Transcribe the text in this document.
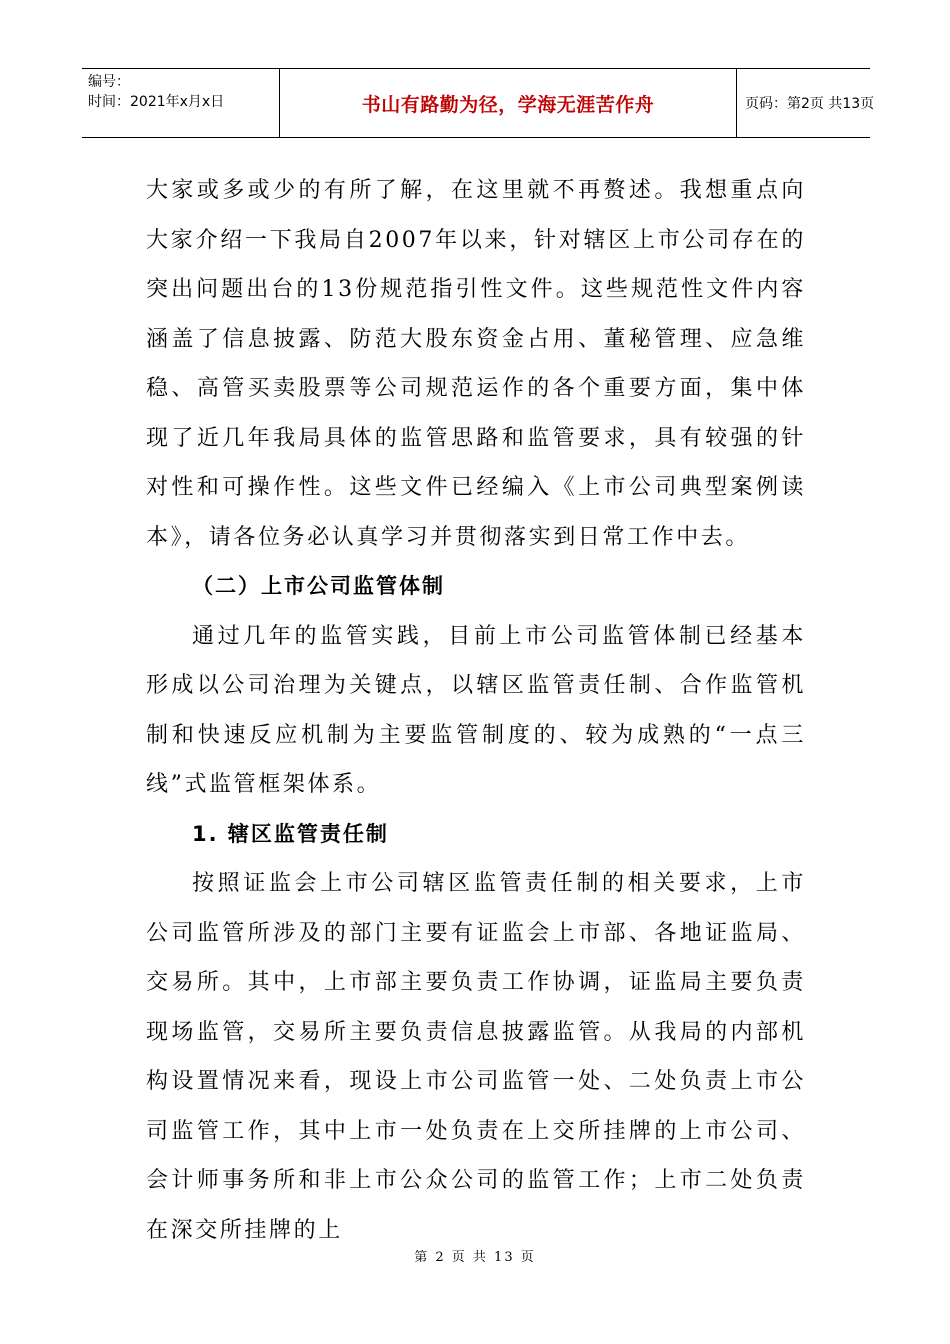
编号：
时间：2021年x月x日	书山有路勤为径，学海无涯苦作舟	页码：第2页 共13页

大家或多或少的有所了解，在这里就不再赘述。我想重点向大家介绍一下我局自2007年以来，针对辖区上市公司存在的突出问题出台的13份规范指引性文件。这些规范性文件内容涵盖了信息披露、防范大股东资金占用、董秘管理、应急维稳、高管买卖股票等公司规范运作的各个重要方面，集中体现了近几年我局具体的监管思路和监管要求，具有较强的针对性和可操作性。这些文件已经编入《上市公司典型案例读本》，请各位务必认真学习并贯彻落实到日常工作中去。

（二）上市公司监管体制

通过几年的监管实践，目前上市公司监管体制已经基本形成以公司治理为关键点，以辖区监管责任制、合作监管机制和快速反应机制为主要监管制度的、较为成熟的“一点三线”式监管框架体系。

1. 辖区监管责任制

按照证监会上市公司辖区监管责任制的相关要求，上市公司监管所涉及的部门主要有证监会上市部、各地证监局、交易所。其中，上市部主要负责工作协调，证监局主要负责现场监管，交易所主要负责信息披露监管。从我局的内部机构设置情况来看，现设上市公司监管一处、二处负责上市公司监管工作，其中上市一处负责在上交所挂牌的上市公司、会计师事务所和非上市公众公司的监管工作；上市二处负责在深交所挂牌的上

第 2 页 共 13 页
